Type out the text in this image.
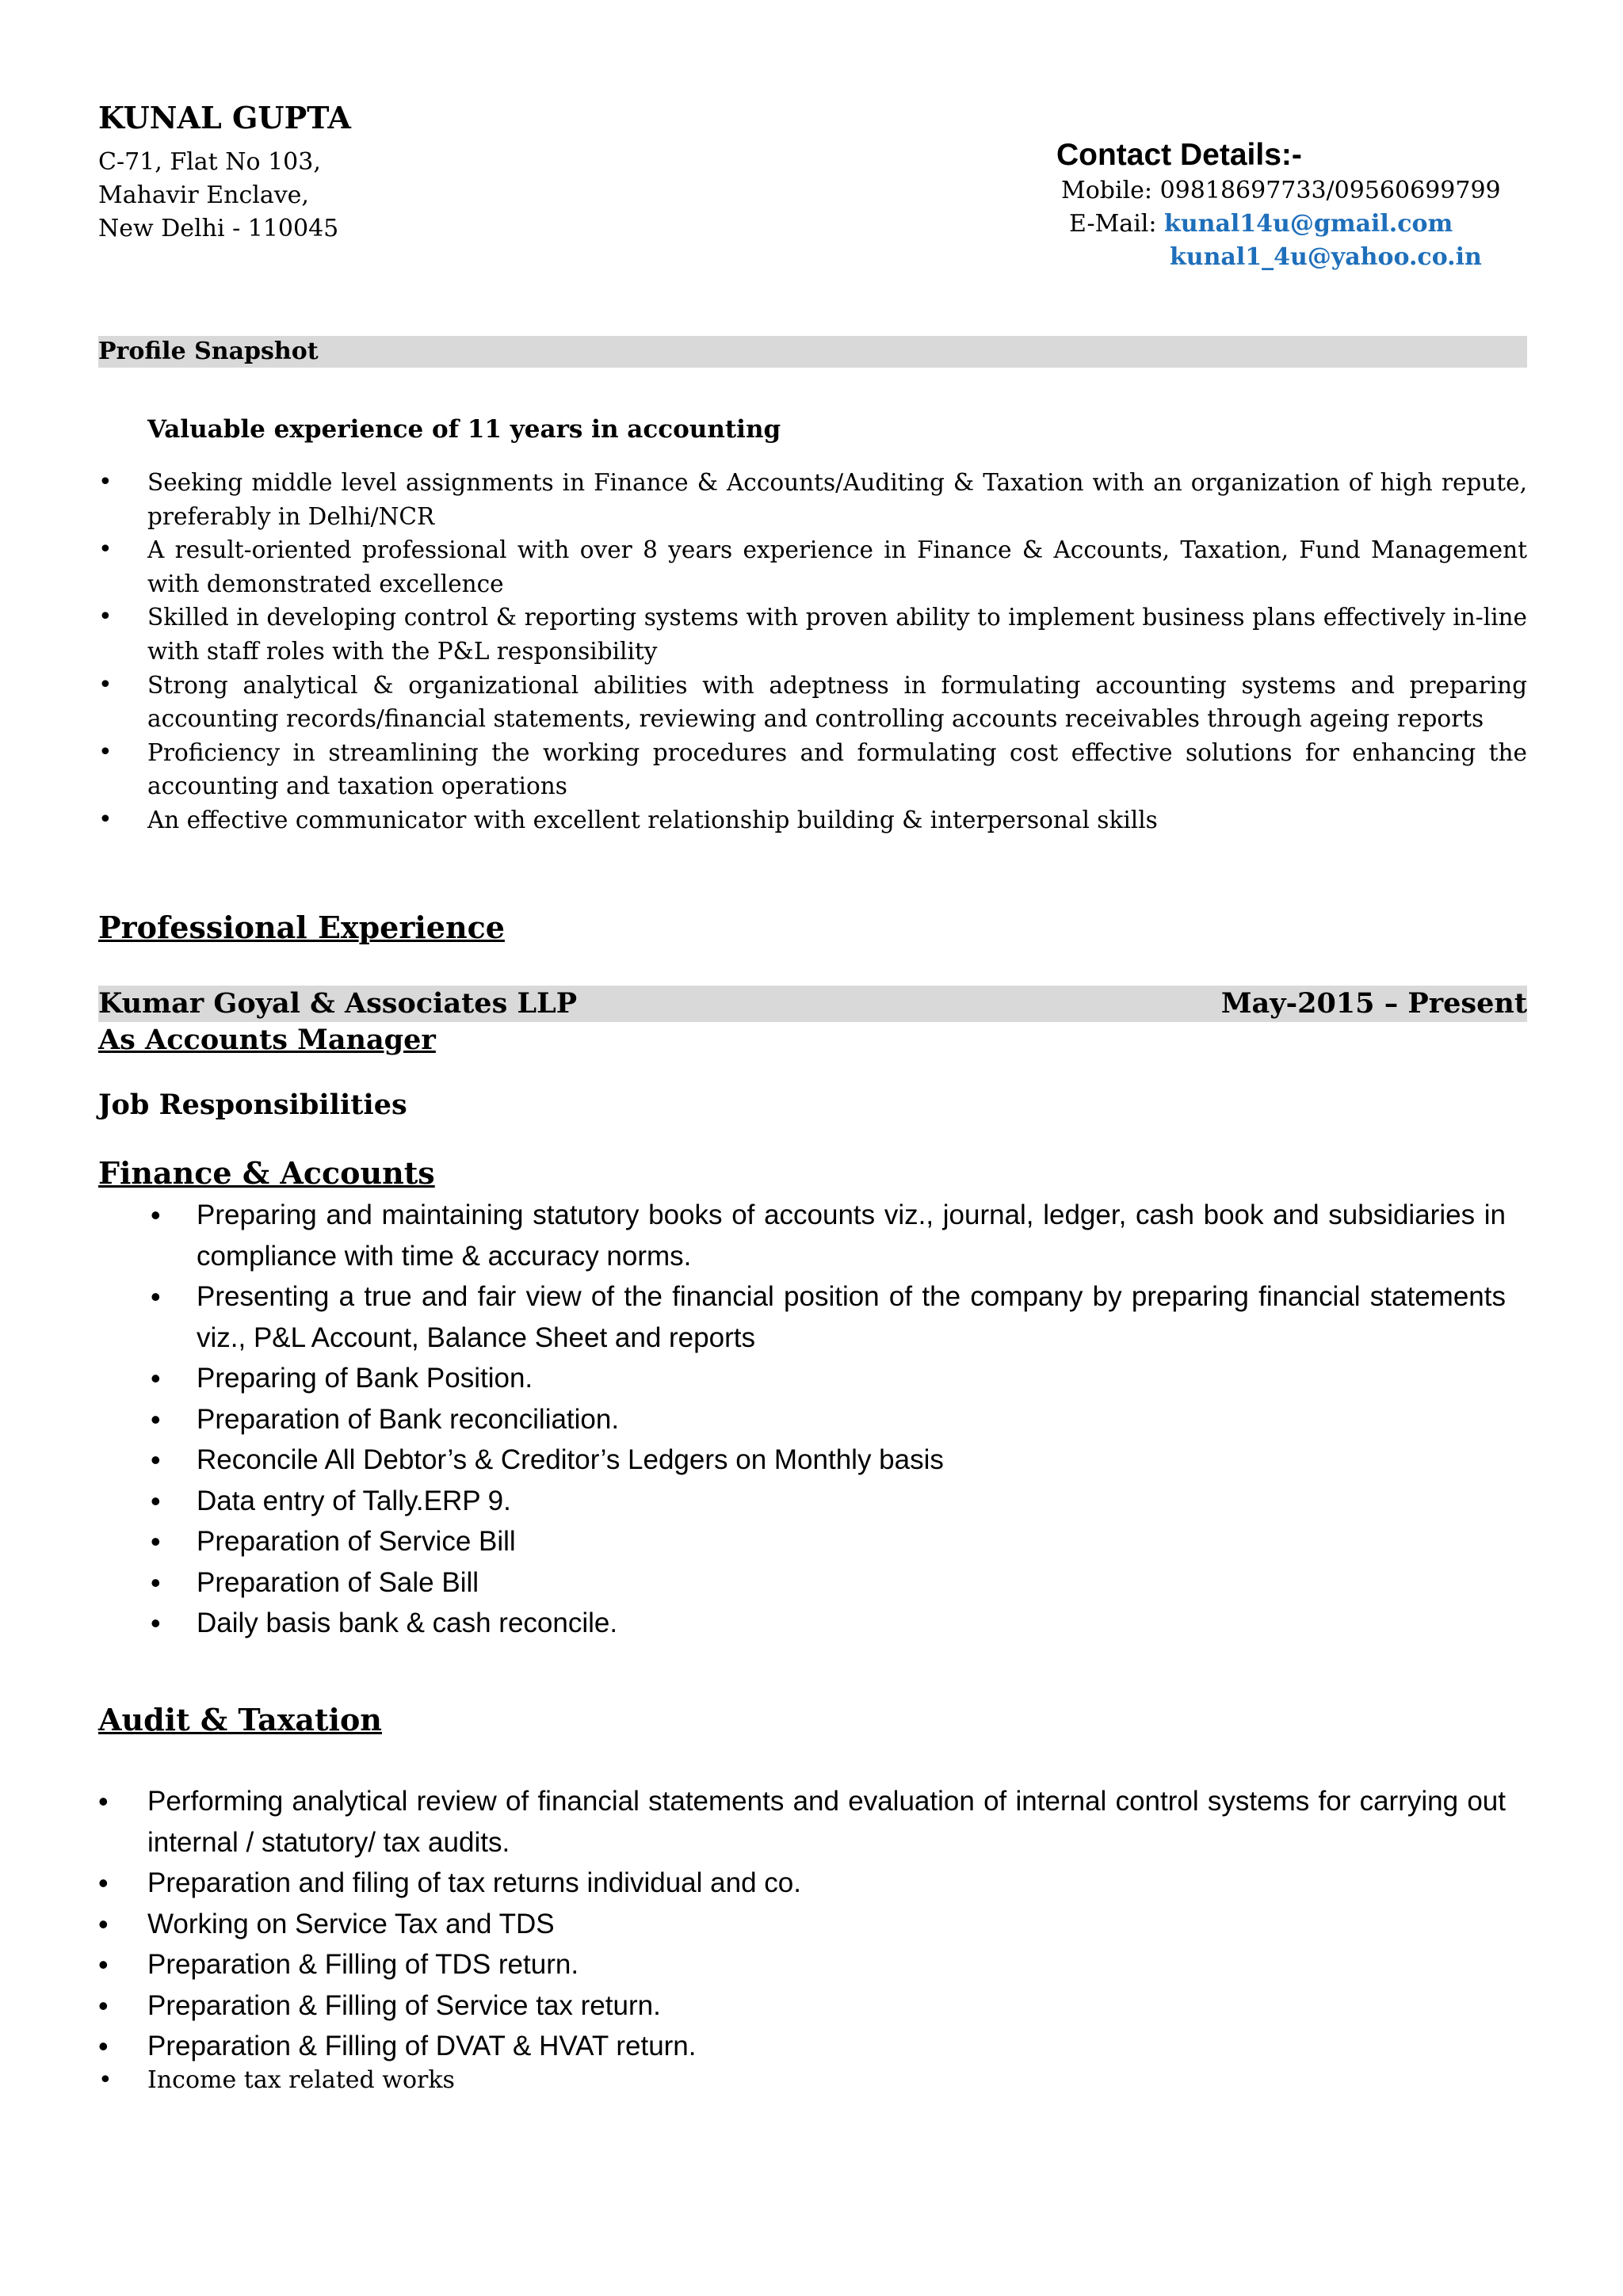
KUNAL GUPTA
C-71, Flat No 103,
Mahavir Enclave,
New Delhi - 110045
Contact Details:-
Mobile: 09818697733/09560699799
E-Mail: kunal14u@gmail.com
kunal1_4u@yahoo.co.in
Profile Snapshot
Valuable experience of 11 years in accounting
• Seeking middle level assignments in Finance & Accounts/Auditing & Taxation with an organization of high repute, preferably in Delhi/NCR
• A result-oriented professional with over 8 years experience in Finance & Accounts, Taxation, Fund Management with demonstrated excellence
• Skilled in developing control & reporting systems with proven ability to implement business plans effectively in-line with staff roles with the P&L responsibility
• Strong analytical & organizational abilities with adeptness in formulating accounting systems and preparing accounting records/financial statements, reviewing and controlling accounts receivables through ageing reports
• Proficiency in streamlining the working procedures and formulating cost effective solutions for enhancing the accounting and taxation operations
• An effective communicator with excellent relationship building & interpersonal skills
Professional Experience
Kumar Goyal & Associates LLP	May-2015 – Present
As Accounts Manager
Job Responsibilities
Finance & Accounts
• Preparing and maintaining statutory books of accounts viz., journal, ledger, cash book and subsidiaries in compliance with time & accuracy norms.
• Presenting a true and fair view of the financial position of the company by preparing financial statements viz., P&L Account, Balance Sheet and reports
• Preparing of Bank Position.
• Preparation of Bank reconciliation.
• Reconcile All Debtor’s & Creditor’s Ledgers on Monthly basis
• Data entry of Tally.ERP 9.
• Preparation of Service Bill
• Preparation of Sale Bill
• Daily basis bank & cash reconcile.
Audit & Taxation
• Performing analytical review of financial statements and evaluation of internal control systems for carrying out internal / statutory/ tax audits.
• Preparation and filing of tax returns individual and co.
• Working on Service Tax and TDS
• Preparation & Filling of TDS return.
• Preparation & Filling of Service tax return.
• Preparation & Filling of DVAT & HVAT return.
• Income tax related works
